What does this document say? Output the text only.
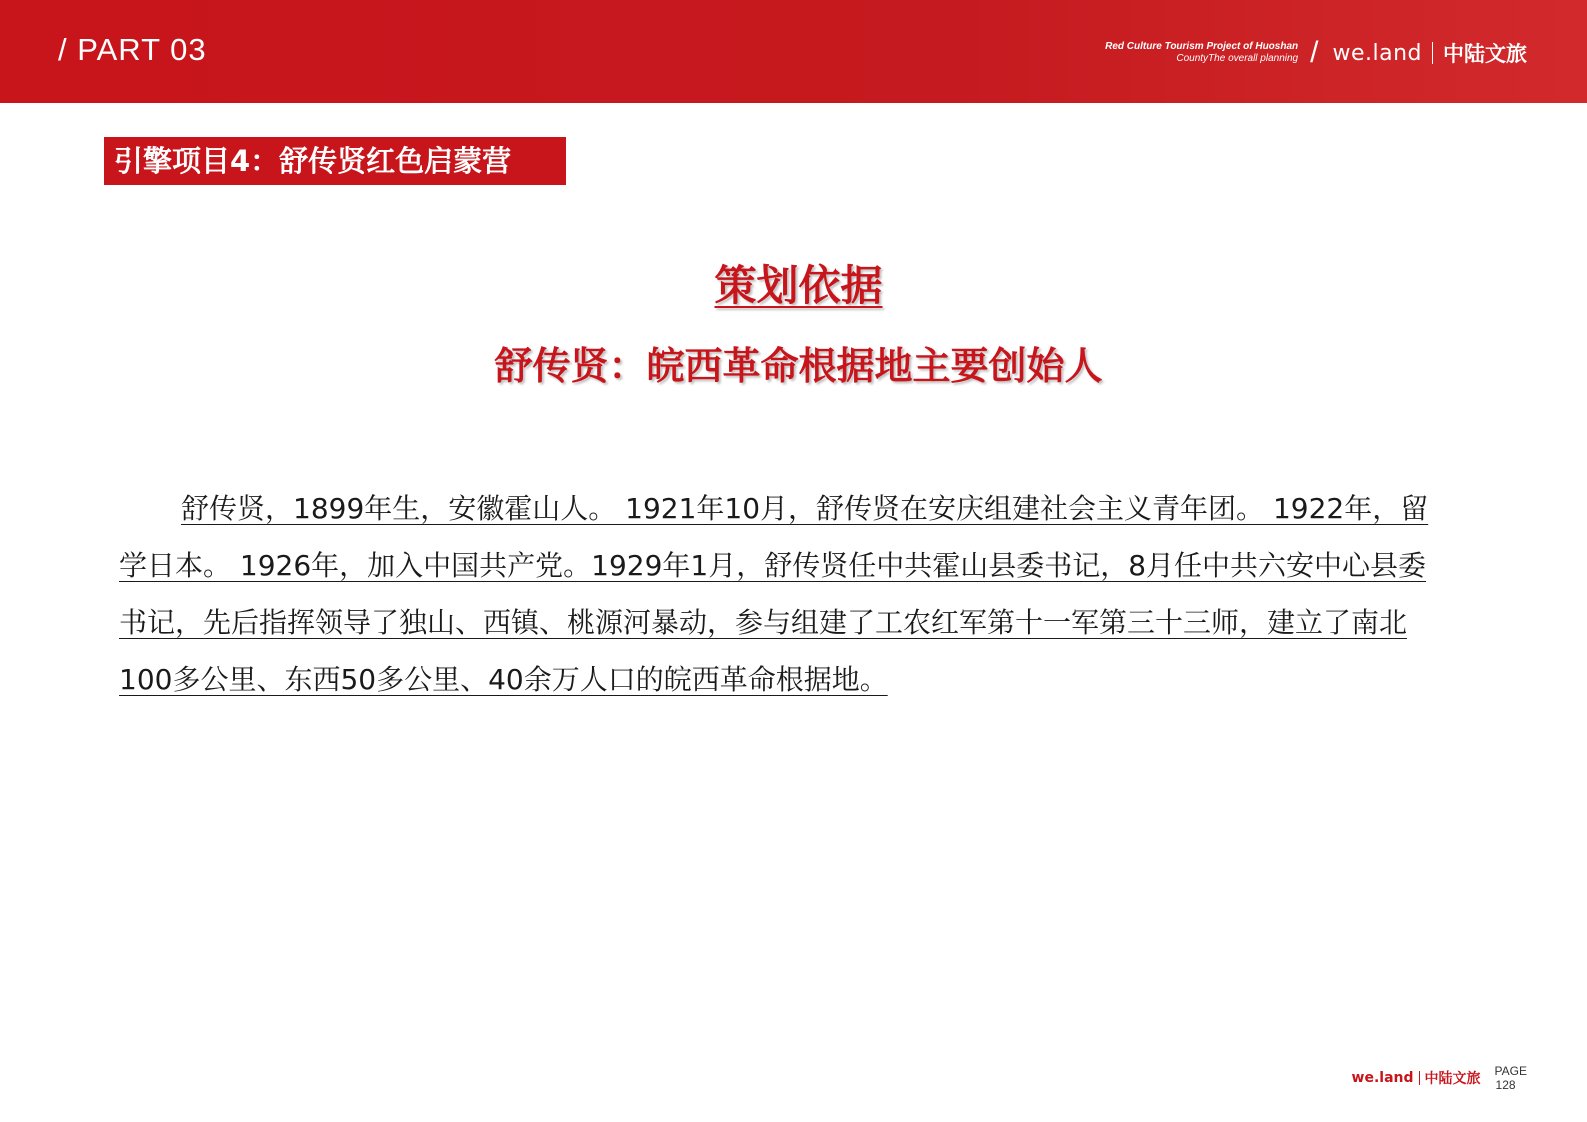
/ PART 03	Red Culture Tourism Project of Huoshan
CountyThe overall planning / we.land 中陆文旅
引擎项目4：舒传贤红色启蒙营
策划依据
舒传贤：皖西革命根据地主要创始人

舒传贤，1899年生，安徽霍山人。 1921年10月，舒传贤在安庆组建社会主义青年团。 1922年，留学日本。 1926年，加入中国共产党。1929年1月，舒传贤任中共霍山县委书记，8月任中共六安中心县委书记，先后指挥领导了独山、西镇、桃源河暴动，参与组建了工农红军第十一军第三十三师，建立了南北100多公里、东西50多公里、40余万人口的皖西革命根据地。

we.land 中陆文旅 PAGE
128
